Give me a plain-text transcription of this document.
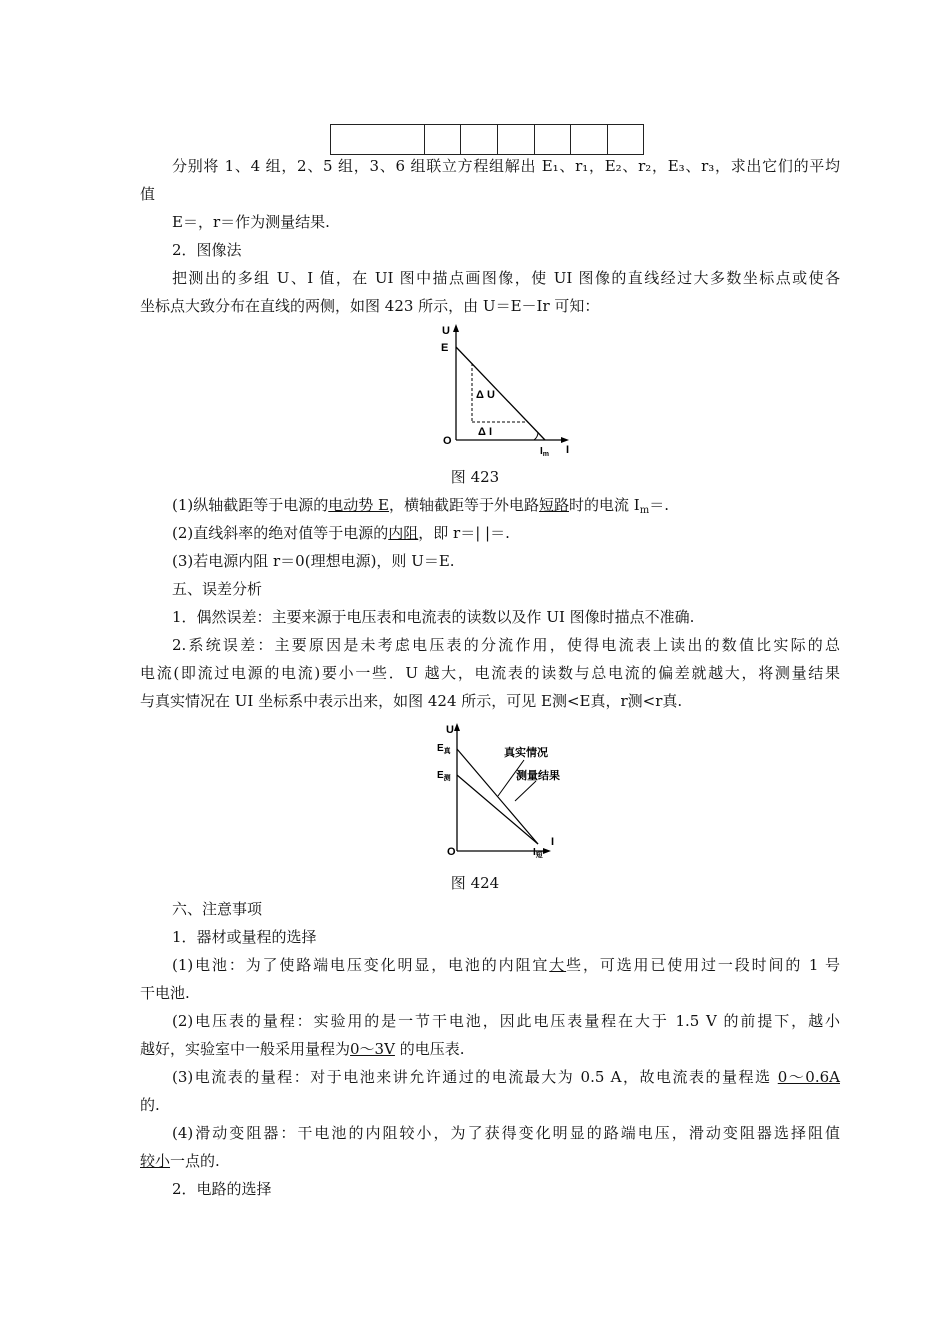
分别将 1、4 组，2、5 组，3、6 组联立方程组解出 E₁、r₁，E₂、r₂，E₃、r₃，求出它们的平均
值
E＝，r＝作为测量结果.
2．图像法
把测出的多组 U、I 值，在 UI 图中描点画图像，使 UI 图像的直线经过大多数坐标点或使各
坐标点大致分布在直线的两侧，如图 423 所示，由 U＝E－Ir 可知：
U
E
O
I
$I_m$
Δ U
Δ I
图 423
(1)纵轴截距等于电源的电动势 E，横轴截距等于外电路短路时的电流 $I_m=$.
(2)直线斜率的绝对值等于电源的内阻，即 r＝| |＝.
(3)若电源内阻 r＝0(理想电源)，则 U＝E.
五、误差分析
1．偶然误差：主要来源于电压表和电流表的读数以及作 UI 图像时描点不准确.
2.系统误差：主要原因是未考虑电压表的分流作用，使得电流表上读出的数值比实际的总
电流(即流过电源的电流)要小一些．U 越大，电流表的读数与总电流的偏差就越大，将测量结果
与真实情况在 UI 坐标系中表示出来，如图 424 所示，可见 E测<E真，r测<r真.
U
$E_真$
$E_测$
O
I
$I_短$
真实情况
测量结果
图 424
六、注意事项
1．器材或量程的选择
(1)电池：为了使路端电压变化明显，电池的内阻宜大些，可选用已使用过一段时间的 1 号
干电池.
(2)电压表的量程：实验用的是一节干电池，因此电压表量程在大于 1.5 V 的前提下，越小
越好，实验室中一般采用量程为0～3V 的电压表.
(3)电流表的量程：对于电池来讲允许通过的电流最大为 0.5 A，故电流表的量程选 0～0.6A
的.
(4)滑动变阻器：干电池的内阻较小，为了获得变化明显的路端电压，滑动变阻器选择阻值
较小一点的.
2．电路的选择
